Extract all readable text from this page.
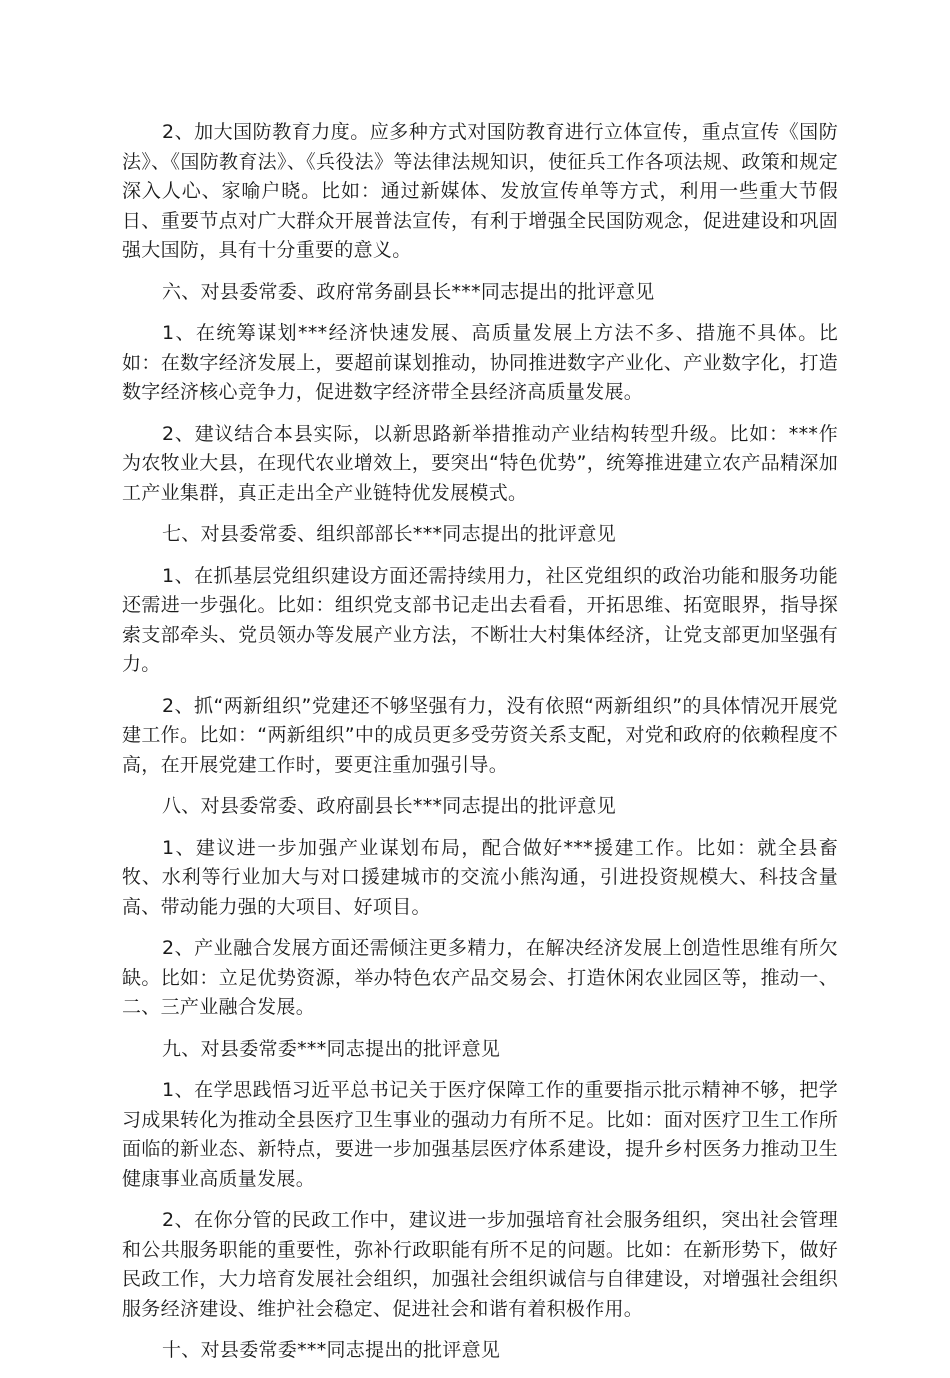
2、加大国防教育力度。应多种方式对国防教育进行立体宣传，重点宣传《国防法》、《国防教育法》、《兵役法》等法律法规知识，使征兵工作各项法规、政策和规定深入人心、家喻户晓。比如：通过新媒体、发放宣传单等方式，利用一些重大节假日、重要节点对广大群众开展普法宣传，有利于增强全民国防观念，促进建设和巩固强大国防，具有十分重要的意义。

六、对县委常委、政府常务副县长***同志提出的批评意见

1、在统筹谋划***经济快速发展、高质量发展上方法不多、措施不具体。比如：在数字经济发展上，要超前谋划推动，协同推进数字产业化、产业数字化，打造数字经济核心竞争力，促进数字经济带全县经济高质量发展。

2、建议结合本县实际，以新思路新举措推动产业结构转型升级。比如：***作为农牧业大县，在现代农业增效上，要突出“特色优势”，统筹推进建立农产品精深加工产业集群，真正走出全产业链特优发展模式。

七、对县委常委、组织部部长***同志提出的批评意见

1、在抓基层党组织建设方面还需持续用力，社区党组织的政治功能和服务功能还需进一步强化。比如：组织党支部书记走出去看看，开拓思维、拓宽眼界，指导探索支部牵头、党员领办等发展产业方法，不断壮大村集体经济，让党支部更加坚强有力。

2、抓“两新组织”党建还不够坚强有力，没有依照“两新组织”的具体情况开展党建工作。比如：“两新组织”中的成员更多受劳资关系支配，对党和政府的依赖程度不高，在开展党建工作时，要更注重加强引导。

八、对县委常委、政府副县长***同志提出的批评意见

1、建议进一步加强产业谋划布局，配合做好***援建工作。比如：就全县畜牧、水利等行业加大与对口援建城市的交流小熊沟通，引进投资规模大、科技含量高、带动能力强的大项目、好项目。

2、产业融合发展方面还需倾注更多精力，在解决经济发展上创造性思维有所欠缺。比如：立足优势资源，举办特色农产品交易会、打造休闲农业园区等，推动一、二、三产业融合发展。

九、对县委常委***同志提出的批评意见

1、在学思践悟习近平总书记关于医疗保障工作的重要指示批示精神不够，把学习成果转化为推动全县医疗卫生事业的强动力有所不足。比如：面对医疗卫生工作所面临的新业态、新特点，要进一步加强基层医疗体系建设，提升乡村医务力推动卫生健康事业高质量发展。

2、在你分管的民政工作中，建议进一步加强培育社会服务组织，突出社会管理和公共服务职能的重要性，弥补行政职能有所不足的问题。比如：在新形势下，做好民政工作，大力培育发展社会组织，加强社会组织诚信与自律建设，对增强社会组织服务经济建设、维护社会稳定、促进社会和谐有着积极作用。

十、对县委常委***同志提出的批评意见
